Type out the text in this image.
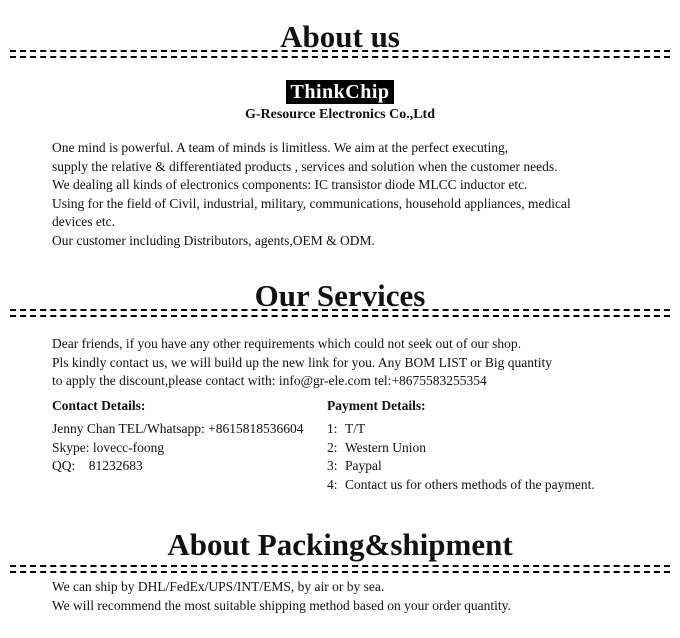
About us
ThinkChip
G-Resource Electronics Co.,Ltd
One mind is powerful. A team of minds is limitless. We aim at the perfect executing,
supply the relative & differentiated products , services and solution when the customer needs.
We dealing all kinds of electronics components: IC transistor diode MLCC inductor etc.
Using for the field of Civil, industrial, military, communications, household appliances, medical devices etc.
Our customer including Distributors, agents,OEM & ODM.
Our Services
Dear friends, if you have any other requirements which could not seek out of our shop.
Pls kindly contact us, we will build up the new link for you. Any BOM LIST or Big quantity
to apply the discount,please contact with: info@gr-ele.com tel:+8675583255354
Contact Details:
Jenny Chan TEL/Whatsapp: +8615818536604
Skype: lovecc-foong
QQ:    81232683
Payment Details:
1: T/T
2: Western Union
3: Paypal
4: Contact us for others methods of the payment.
About Packing&shipment
We can ship by DHL/FedEx/UPS/INT/EMS, by air or by sea.
We will recommend the most suitable shipping method based on your order quantity.
